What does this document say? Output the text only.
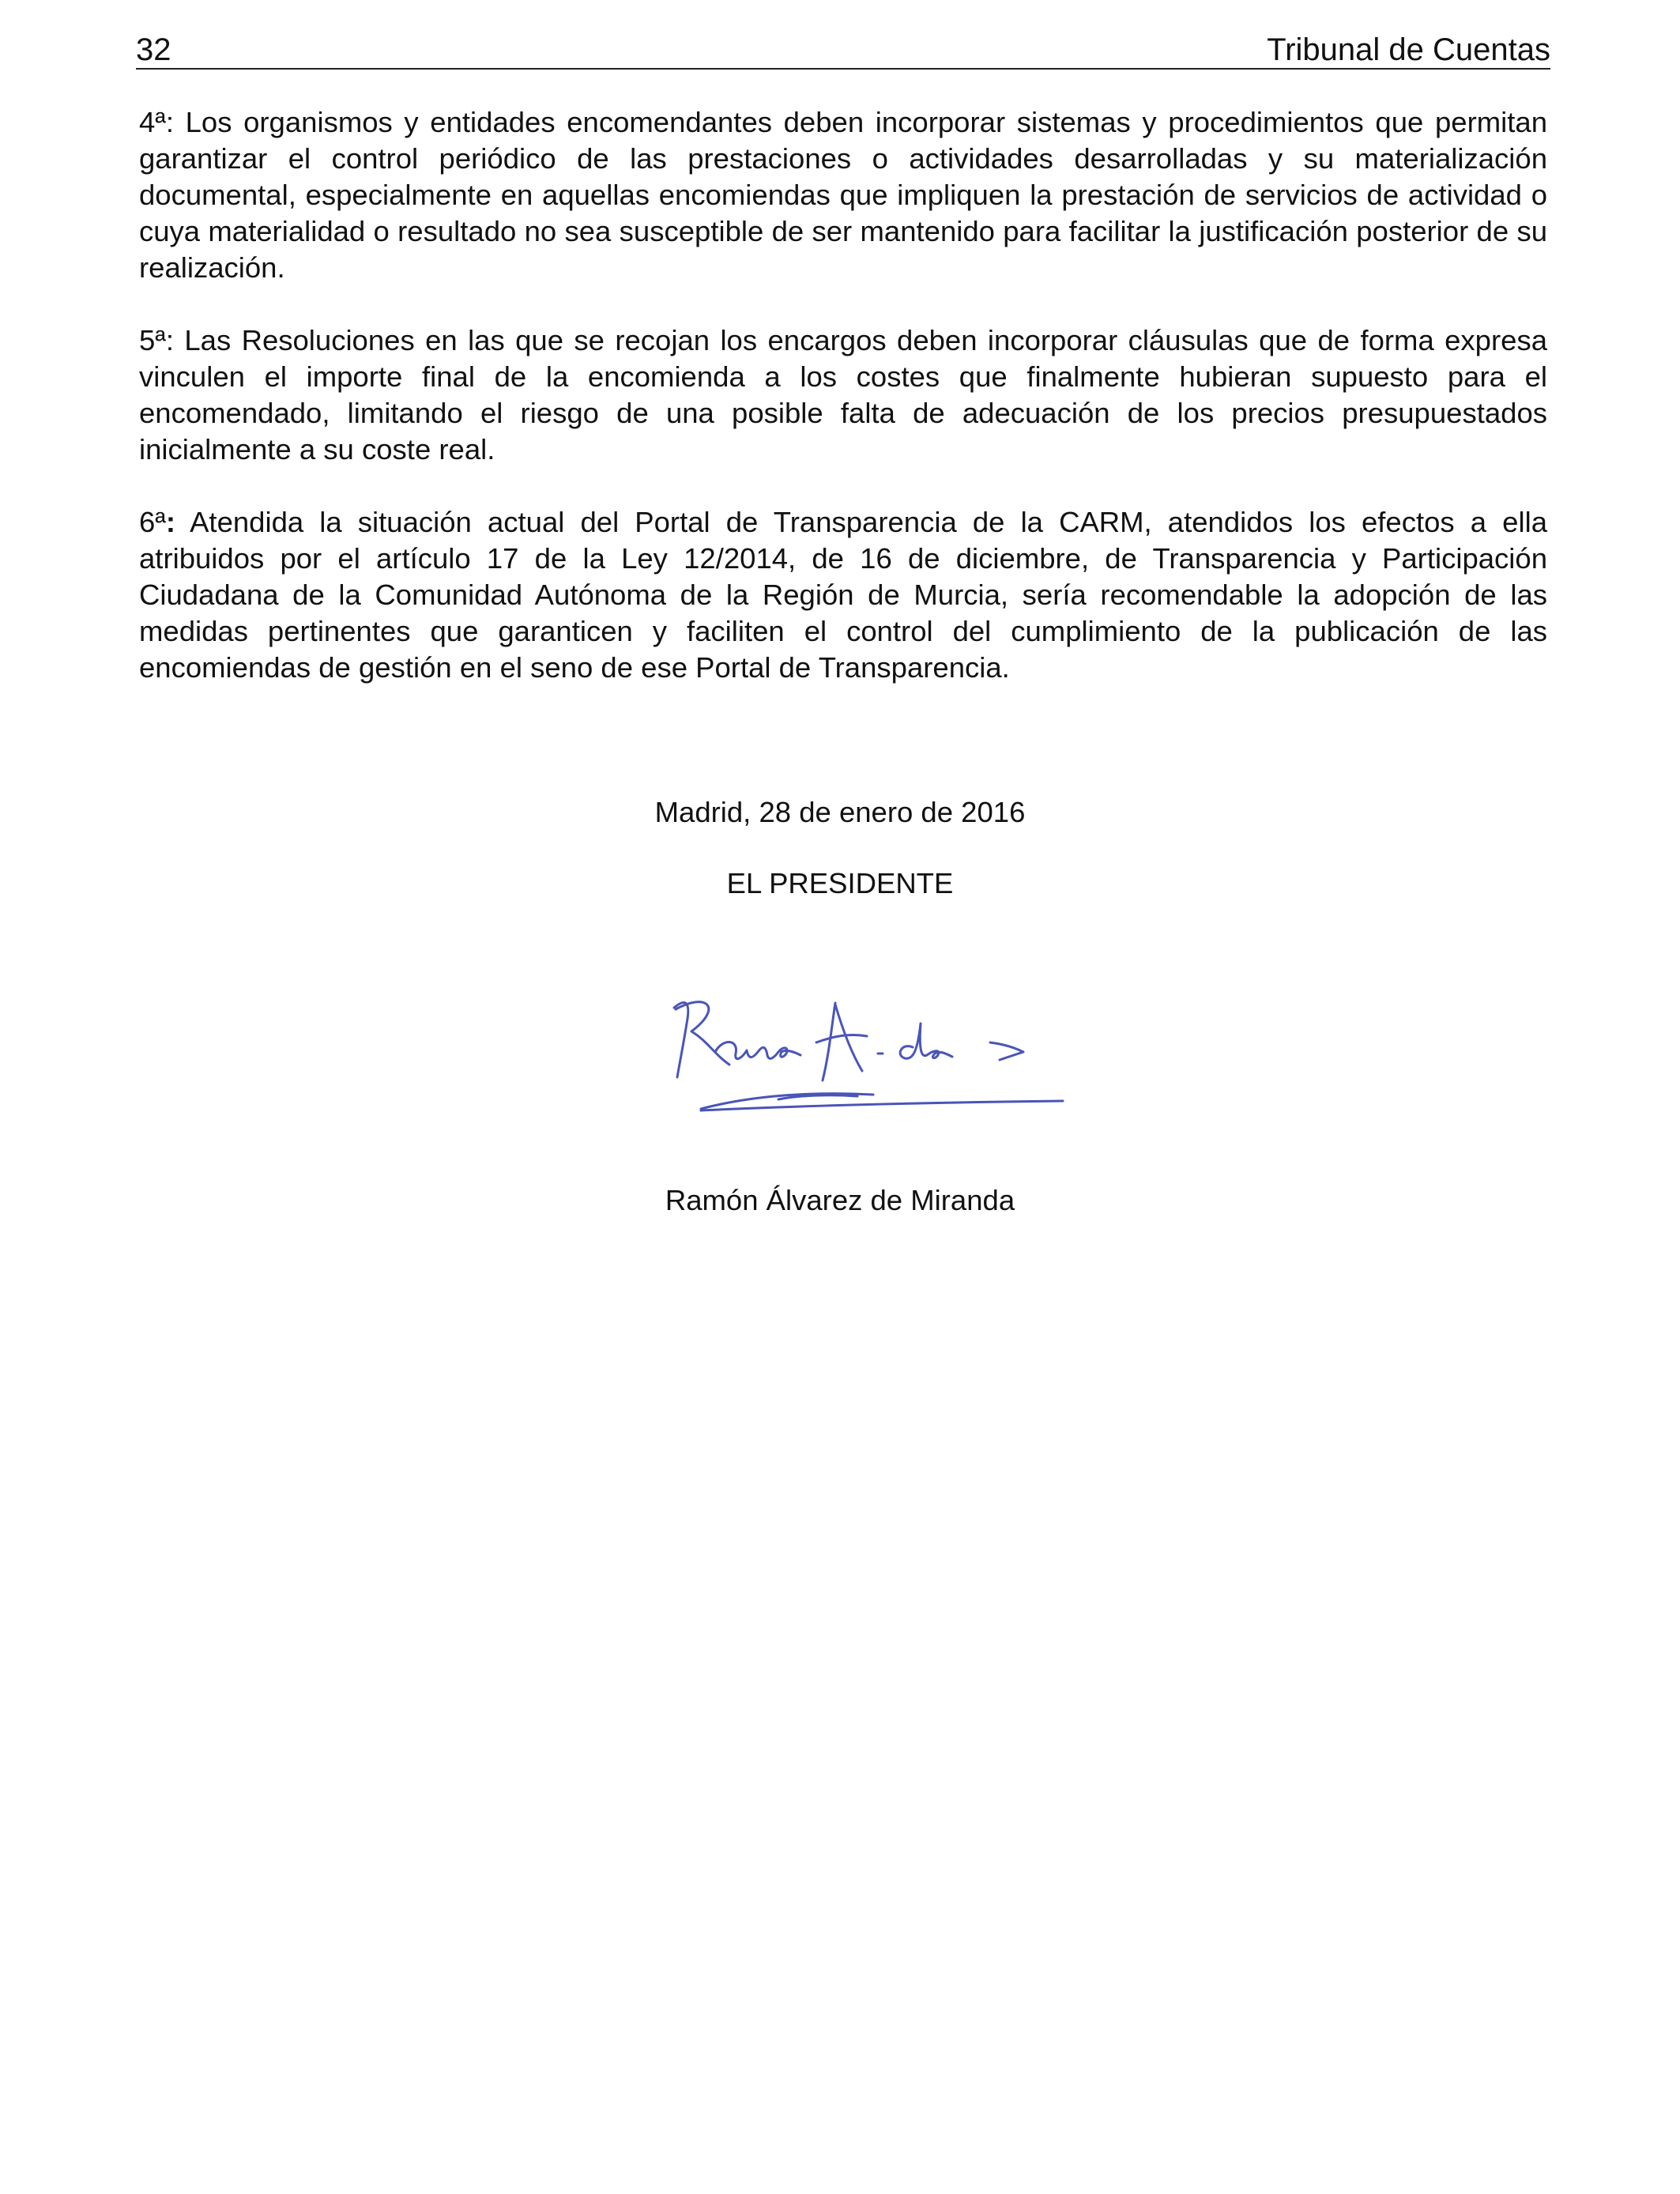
32	Tribunal de Cuentas

4ª: Los organismos y entidades encomendantes deben incorporar sistemas y procedimientos que permitan garantizar el control periódico de las prestaciones o actividades desarrolladas y su materialización documental, especialmente en aquellas encomiendas que impliquen la prestación de servicios de actividad o cuya materialidad o resultado no sea susceptible de ser mantenido para facilitar la justificación posterior de su realización.

5ª: Las Resoluciones en las que se recojan los encargos deben incorporar cláusulas que de forma expresa vinculen el importe final de la encomienda a los costes que finalmente hubieran supuesto para el encomendado, limitando el riesgo de una posible falta de adecuación de los precios presupuestados inicialmente a su coste real.

6ª: Atendida la situación actual del Portal de Transparencia de la CARM, atendidos los efectos a ella atribuidos por el artículo 17 de la Ley 12/2014, de 16 de diciembre, de Transparencia y Participación Ciudadana de la Comunidad Autónoma de la Región de Murcia, sería recomendable la adopción de las medidas pertinentes que garanticen y faciliten el control del cumplimiento de la publicación de las encomiendas de gestión en el seno de ese Portal de Transparencia.

Madrid, 28 de enero de 2016
EL PRESIDENTE
Ramón Álvarez de Miranda
